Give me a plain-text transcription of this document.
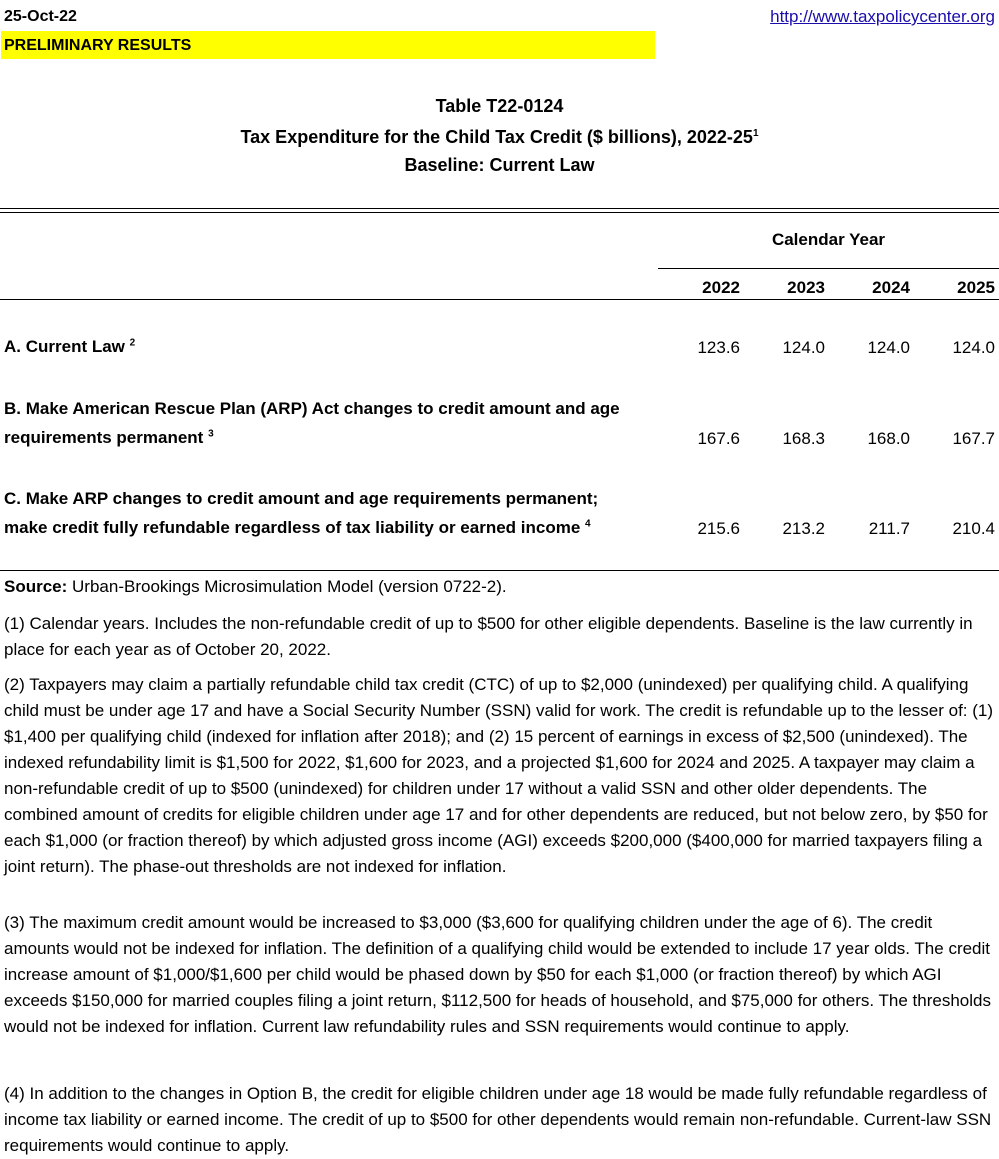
25-Oct-22	http://www.taxpolicycenter.org
PRELIMINARY RESULTS
Table T22-0124
Tax Expenditure for the Child Tax Credit ($ billions), $2022-25^1$
Baseline: Current Law
Calendar Year
2022	2023	2024	2025
A. Current Law $^2$	123.6	124.0	124.0	124.0
B. Make American Rescue Plan (ARP) Act changes to credit amount and age
requirements permanent $^3$	167.6	168.3	168.0	167.7
C. Make ARP changes to credit amount and age requirements permanent;
make credit fully refundable regardless of tax liability or earned income $^4$	215.6	213.2	211.7	210.4
Source: Urban-Brookings Microsimulation Model (version 0722-2).

(1) Calendar years. Includes the non-refundable credit of up to $500 for other eligible dependents. Baseline is the law currently in place for each year as of October 20, 2022.

(2) Taxpayers may claim a partially refundable child tax credit (CTC) of up to $2,000 (unindexed) per qualifying child. A qualifying child must be under age 17 and have a Social Security Number (SSN) valid for work. The credit is refundable up to the lesser of: (1) $1,400 per qualifying child (indexed for inflation after 2018); and (2) 15 percent of earnings in excess of $2,500 (unindexed). The indexed refundability limit is $1,500 for 2022, $1,600 for 2023, and a projected $1,600 for 2024 and 2025. A taxpayer may claim a non-refundable credit of up to $500 (unindexed) for children under 17 without a valid SSN and other older dependents. The combined amount of credits for eligible children under age 17 and for other dependents are reduced, but not below zero, by $50 for each $1,000 (or fraction thereof) by which adjusted gross income (AGI) exceeds $200,000 ($400,000 for married taxpayers filing a joint return). The phase-out thresholds are not indexed for inflation.

(3) The maximum credit amount would be increased to $3,000 ($3,600 for qualifying children under the age of 6). The credit amounts would not be indexed for inflation. The definition of a qualifying child would be extended to include 17 year olds. The credit increase amount of $1,000/$1,600 per child would be phased down by $50 for each $1,000 (or fraction thereof) by which AGI exceeds $150,000 for married couples filing a joint return, $112,500 for heads of household, and $75,000 for others. The thresholds would not be indexed for inflation. Current law refundability rules and SSN requirements would continue to apply.

(4) In addition to the changes in Option B, the credit for eligible children under age 18 would be made fully refundable regardless of income tax liability or earned income. The credit of up to $500 for other dependents would remain non-refundable. Current-law SSN requirements would continue to apply.
